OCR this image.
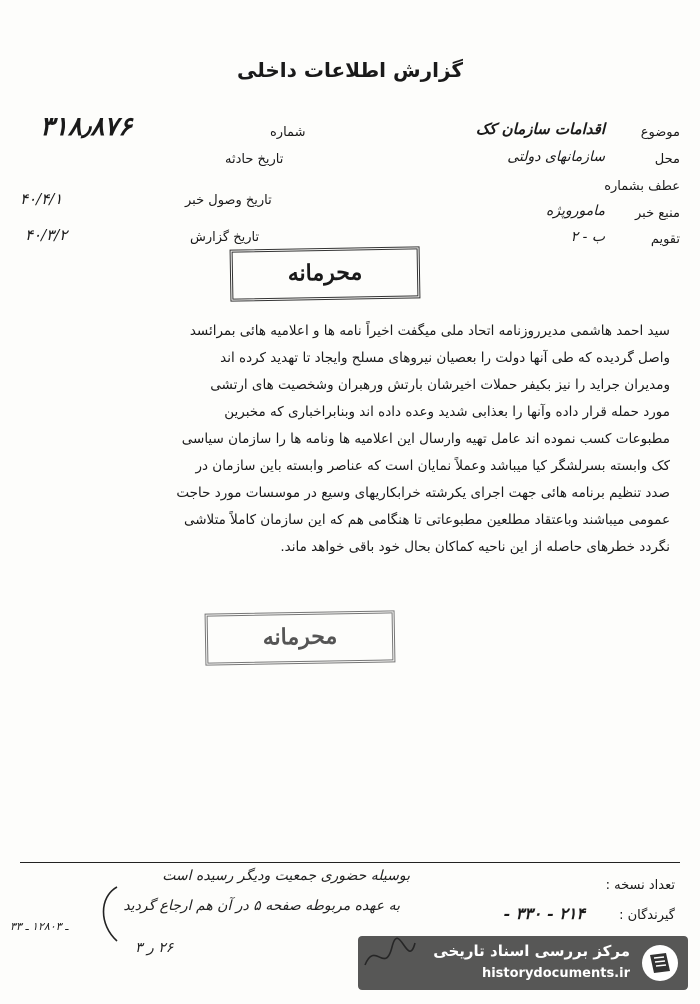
گزارش اطلاعات داخلی
موضوع
اقدامات سازمان کک
محل
سازمانهای دولتی
عطف بشماره
منبع خبر
ماموروپژه
تقویم
ب - ۲
شماره
۳۱۸٫۸۷۶
تاریخ حادثه
تاریخ وصول خبر
۴۰/۴/۱
تاریخ گزارش
۴۰/۳/۲
محرمانه
سید احمد هاشمی مدیرروزنامه اتحاد ملی میگفت اخیراً نامه ها و اعلامیه هائی بمرائسد
واصل گردیده که طی آنها دولت را بعصیان نیروهای مسلح وایجاد تا تهدید کرده اند
ومدیران جراید را نیز بکیفر حملات اخیرشان بارتش ورهبران وشخصیت های ارتشی
مورد حمله قرار داده وآنها را بعذابی شدید وعده داده اند وبنابراخباری که مخبرین
مطبوعات کسب نموده اند عامل تهیه وارسال این اعلامیه ها ونامه ها را سازمان سیاسی
کک وابسته بسرلشگر کیا میباشد وعملاً نمایان است که عناصر وابسته باین سازمان در
صدد تنظیم برنامه هائی جهت اجرای یکرشته خرابکاریهای وسیع در موسسات مورد حاجت
عمومی میباشند وباعتقاد مطلعین مطبوعاتی تا هنگامی هم که این سازمان کاملاً متلاشی
نگردد خطرهای حاصله از این ناحیه کماکان بحال خود باقی خواهد ماند.
محرمانه
تعداد نسخه :
گیرندگان :
۲۱۴ - ۳۳۰ -
بوسیله حضوری جمعیت ودیگر رسیده است
به عهده مربوطه صفحه ۵ در آن هم ارجاع گردید
۲۶ ر ۳
ـ ۱۲۸۰۳ ـ ۳۳
مرکز بررسی اسناد تاریخی
historydocuments.ir
